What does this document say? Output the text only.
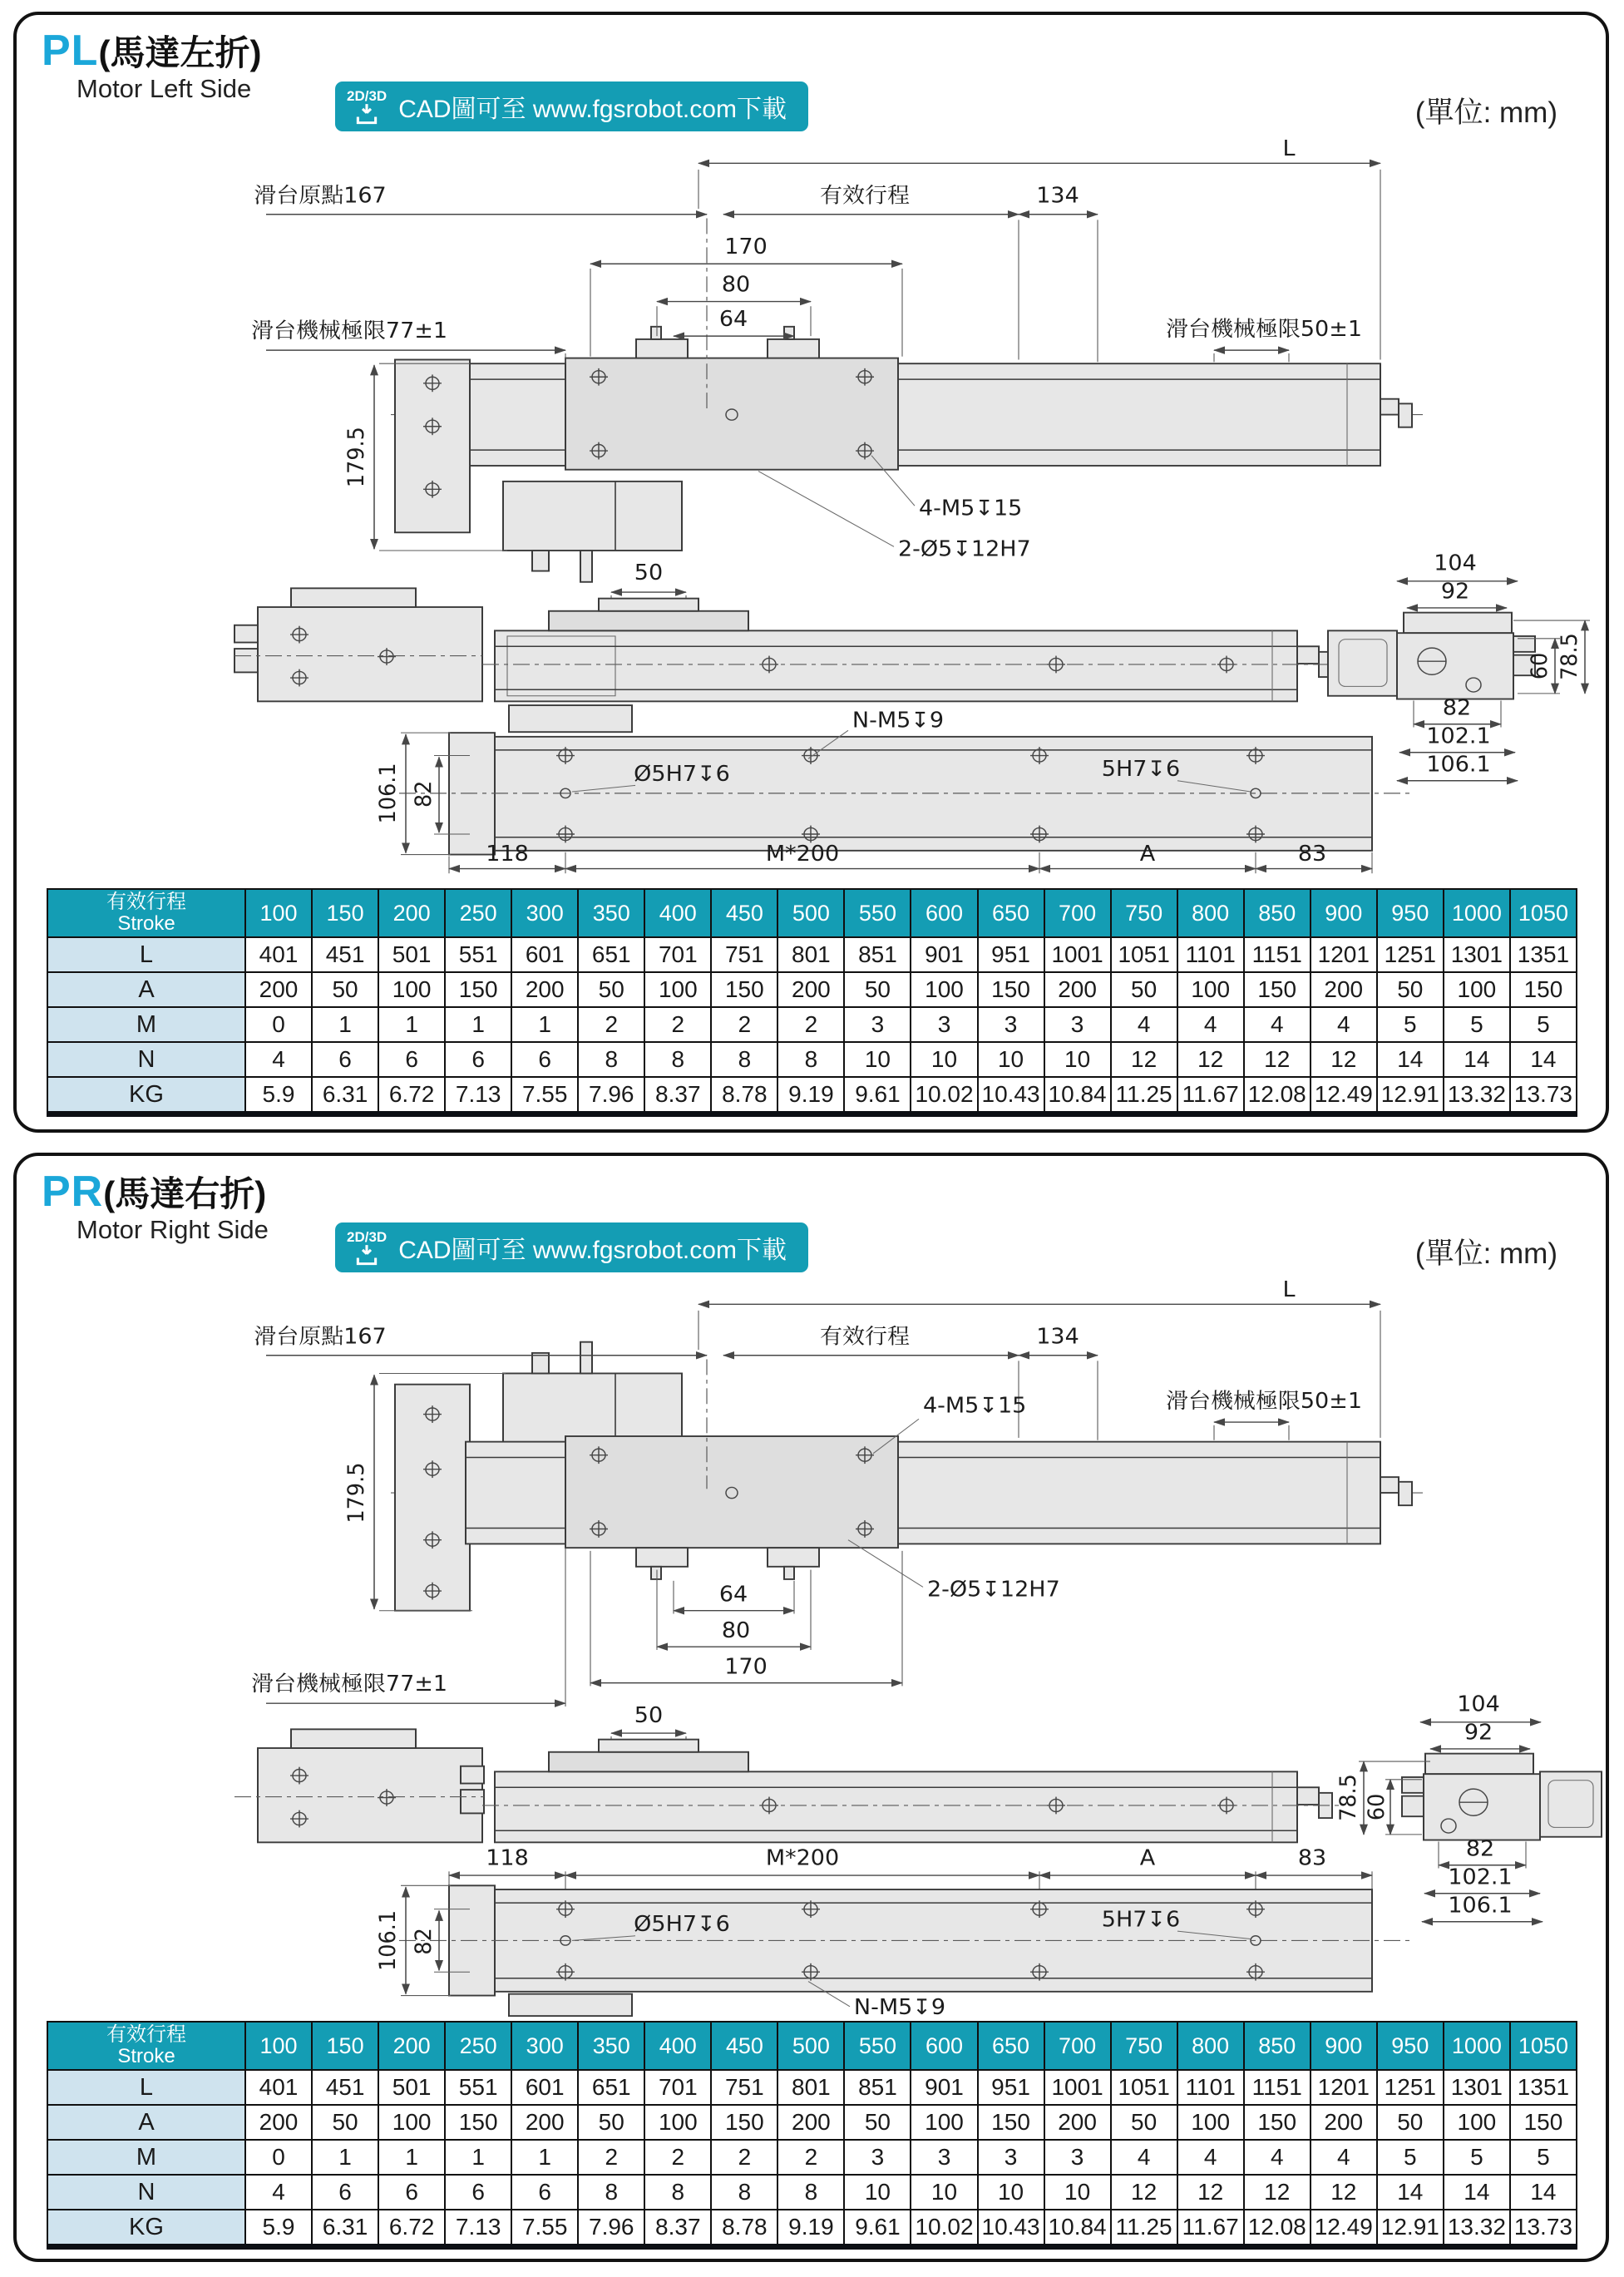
PL(馬達左折)
Motor Left Side	2D/3D CAD圖可至 www.fgsrobot.com下載	(單位: mm)
L
滑台原點167	有效行程	134
170
80
64
滑台機械極限77±1	滑台機械極限50±1
179.5
4-M5↧15
2-Ø5↧12H7
50	104
92
60 78.5
82
102.1
106.1
N-M5↧9
Ø5H7↧6	5H7↧6
106.1 82
118	M*200	A	83
有效行程
Stroke	100	150	200	250	300	350	400	450	500	550	600	650	700	750	800	850	900	950	1000	1050
L	401	451	501	551	601	651	701	751	801	851	901	951	1001	1051	1101	1151	1201	1251	1301	1351
A	200	50	100	150	200	50	100	150	200	50	100	150	200	50	100	150	200	50	100	150
M	0	1	1	1	1	2	2	2	2	3	3	3	3	4	4	4	4	5	5	5
N	4	6	6	6	6	8	8	8	8	10	10	10	10	12	12	12	12	14	14	14
KG	5.9	6.31	6.72	7.13	7.55	7.96	8.37	8.78	9.19	9.61	10.02	10.43	10.84	11.25	11.67	12.08	12.49	12.91	13.32	13.73
PR(馬達右折)
Motor Right Side	2D/3D CAD圖可至 www.fgsrobot.com下載	(單位: mm)
L
滑台原點167	有效行程	134
4-M5↧15	滑台機械極限50±1
179.5
2-Ø5↧12H7
64
80
170
滑台機械極限77±1
50	104
92
60
78.5
82
102.1
106.1
118	M*200	A	83
Ø5H7↧6	5H7↧6
N-M5↧9
106.1 82
有效行程
Stroke	100	150	200	250	300	350	400	450	500	550	600	650	700	750	800	850	900	950	1000	1050
L	401	451	501	551	601	651	701	751	801	851	901	951	1001	1051	1101	1151	1201	1251	1301	1351
A	200	50	100	150	200	50	100	150	200	50	100	150	200	50	100	150	200	50	100	150
M	0	1	1	1	1	2	2	2	2	3	3	3	3	4	4	4	4	5	5	5
N	4	6	6	6	6	8	8	8	8	10	10	10	10	12	12	12	12	14	14	14
KG	5.9	6.31	6.72	7.13	7.55	7.96	8.37	8.78	9.19	9.61	10.02	10.43	10.84	11.25	11.67	12.08	12.49	12.91	13.32	13.73
